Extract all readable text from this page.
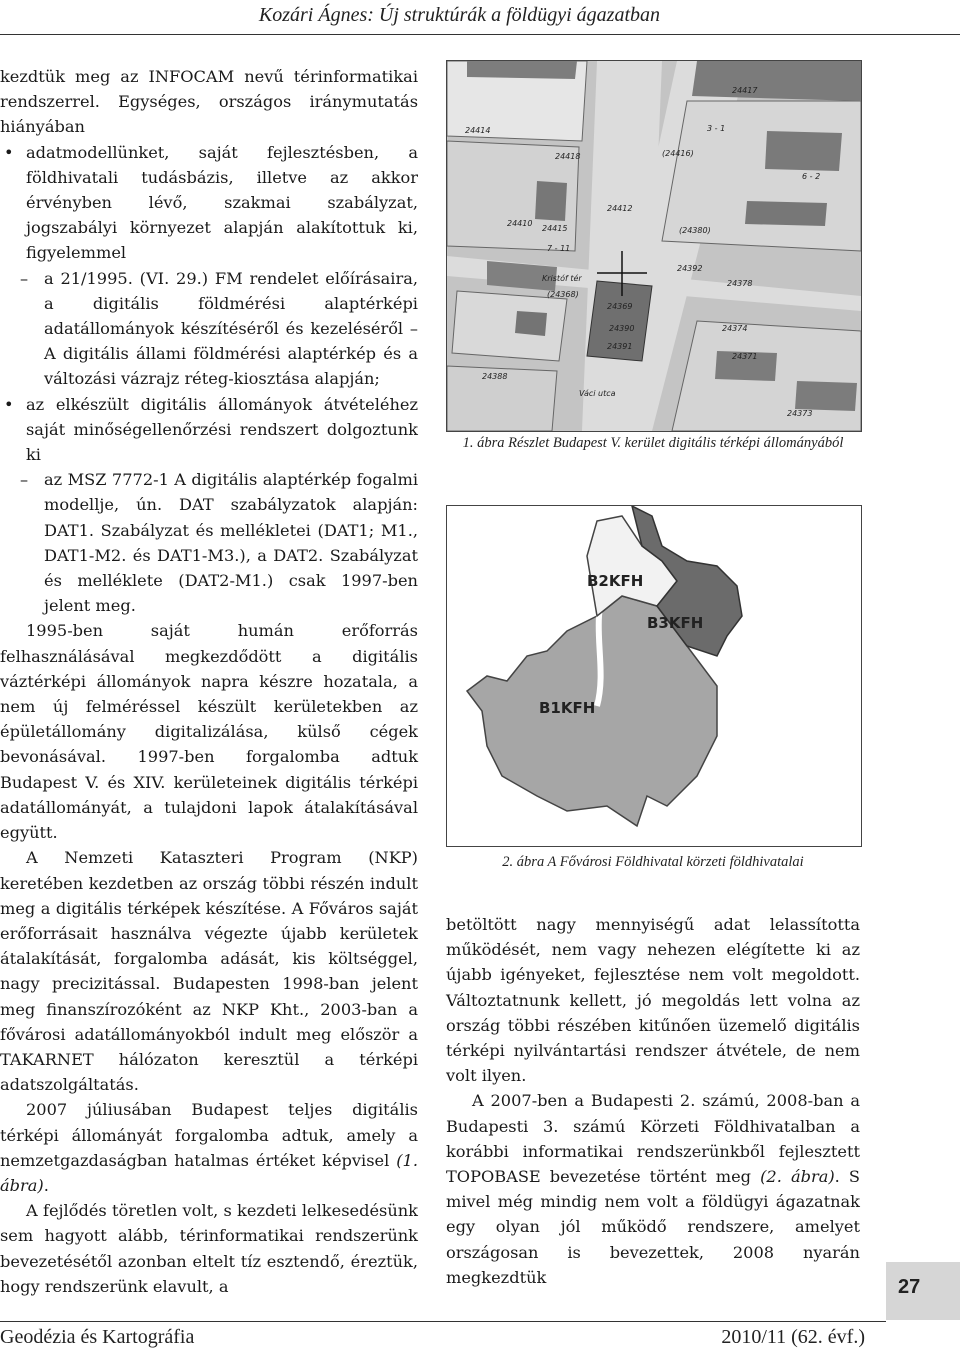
Kozári Ágnes: Új struktúrák a földügyi ágazatban

kezdtük meg az INFOCAM nevű térinformatikai rendszerrel. Egységes, országos iránymutatás hiányában

• adatmodellünket, saját fejlesztésben, a földhivatali tudásbázis, illetve az akkor érvényben lévő, szakmai szabályzat, jogszabályi környezet alapján alakítottuk ki, figyelemmel

– a 21/1995. (VI. 29.) FM rendelet előírásaira, a digitális földmérési alaptérképi adatállományok készítéséről és kezeléséről – A digitális állami földmérési alaptérkép és a változási vázrajz réteg-kiosztása alapján;

• az elkészült digitális állományok átvételéhez saját minőségellenőrzési rendszert dolgoztunk ki

– az MSZ 7772-1 A digitális alaptérkép fogalmi modellje, ún. DAT szabályzatok alapján: DAT1. Szabályzat és mellékletei (DAT1; M1., DAT1-M2. és DAT1-M3.), a DAT2. Szabályzat és melléklete (DAT2-M1.) csak 1997-ben jelent meg.

1995-ben saját humán erőforrás felhasználásával megkezdődött a digitális váztérképi állományok napra készre hozatala, a nem új felméréssel készült kerületekben az épületállomány digitalizálása, külső cégek bevonásával. 1997-ben forgalomba adtuk Budapest V. és XIV. kerületeinek digitális térképi adatállományát, a tulajdoni lapok átalakításával együtt.

A Nemzeti Kataszteri Program (NKP) keretében kezdetben az ország többi részén indult meg a digitális térképek készítése. A Főváros saját erőforrásait használva végezte újabb kerületek átalakítását, forgalomba adását, kis költséggel, nagy precizitással. Budapesten 1998-ban jelent meg finanszírozóként az NKP Kht., 2003-ban a fővárosi adatállományokból indult meg először a TAKARNET hálózaton keresztül a térképi adatszolgáltatás.

2007 júliusában Budapest teljes digitális térképi állományát forgalomba adtuk, amely a nemzetgazdaságban hatalmas értéket képvisel (1. ábra).

A fejlődés töretlen volt, s kezdeti lelkesedésünk sem hagyott alább, térinformatikai rendszerünk bevezetésétől azonban eltelt tíz esztendő, éreztük, hogy rendszerünk elavult, a

24414
24418
24417
24412
24410
24415
24392
24378
24374
24371
24373
24388
24369
24390
24391
(24368)
(24416)
(24380)
Kristóf tér
Váci utca
3 - 1
6 - 2
7 - 11
1. ábra Részlet Budapest V. kerület digitális térképi állományából
B2KFH
B3KFH
B1KFH
2. ábra A Fővárosi Földhivatal körzeti földhivatalai

betöltött nagy mennyiségű adat lelassította működését, nem vagy nehezen elégítette ki az újabb igényeket, fejlesztése nem volt megoldott. Változtatnunk kellett, jó megoldás lett volna az ország többi részében kitűnően üzemelő digitális térképi nyilvántartási rendszer átvétele, de nem volt ilyen.

A 2007-ben a Budapesti 2. számú, 2008-ban a Budapesti 3. számú Körzeti Földhivatalban a korábbi informatikai rendszerünkből fejlesztett TOPOBASE bevezetése történt meg (2. ábra). S mivel még mindig nem volt a földügyi ágazatnak egy olyan jól működő rendszere, amelyet országosan is bevezettek, 2008 nyarán megkezdtük	27
Geodézia és Kartográfia	2010/11 (62. évf.)
